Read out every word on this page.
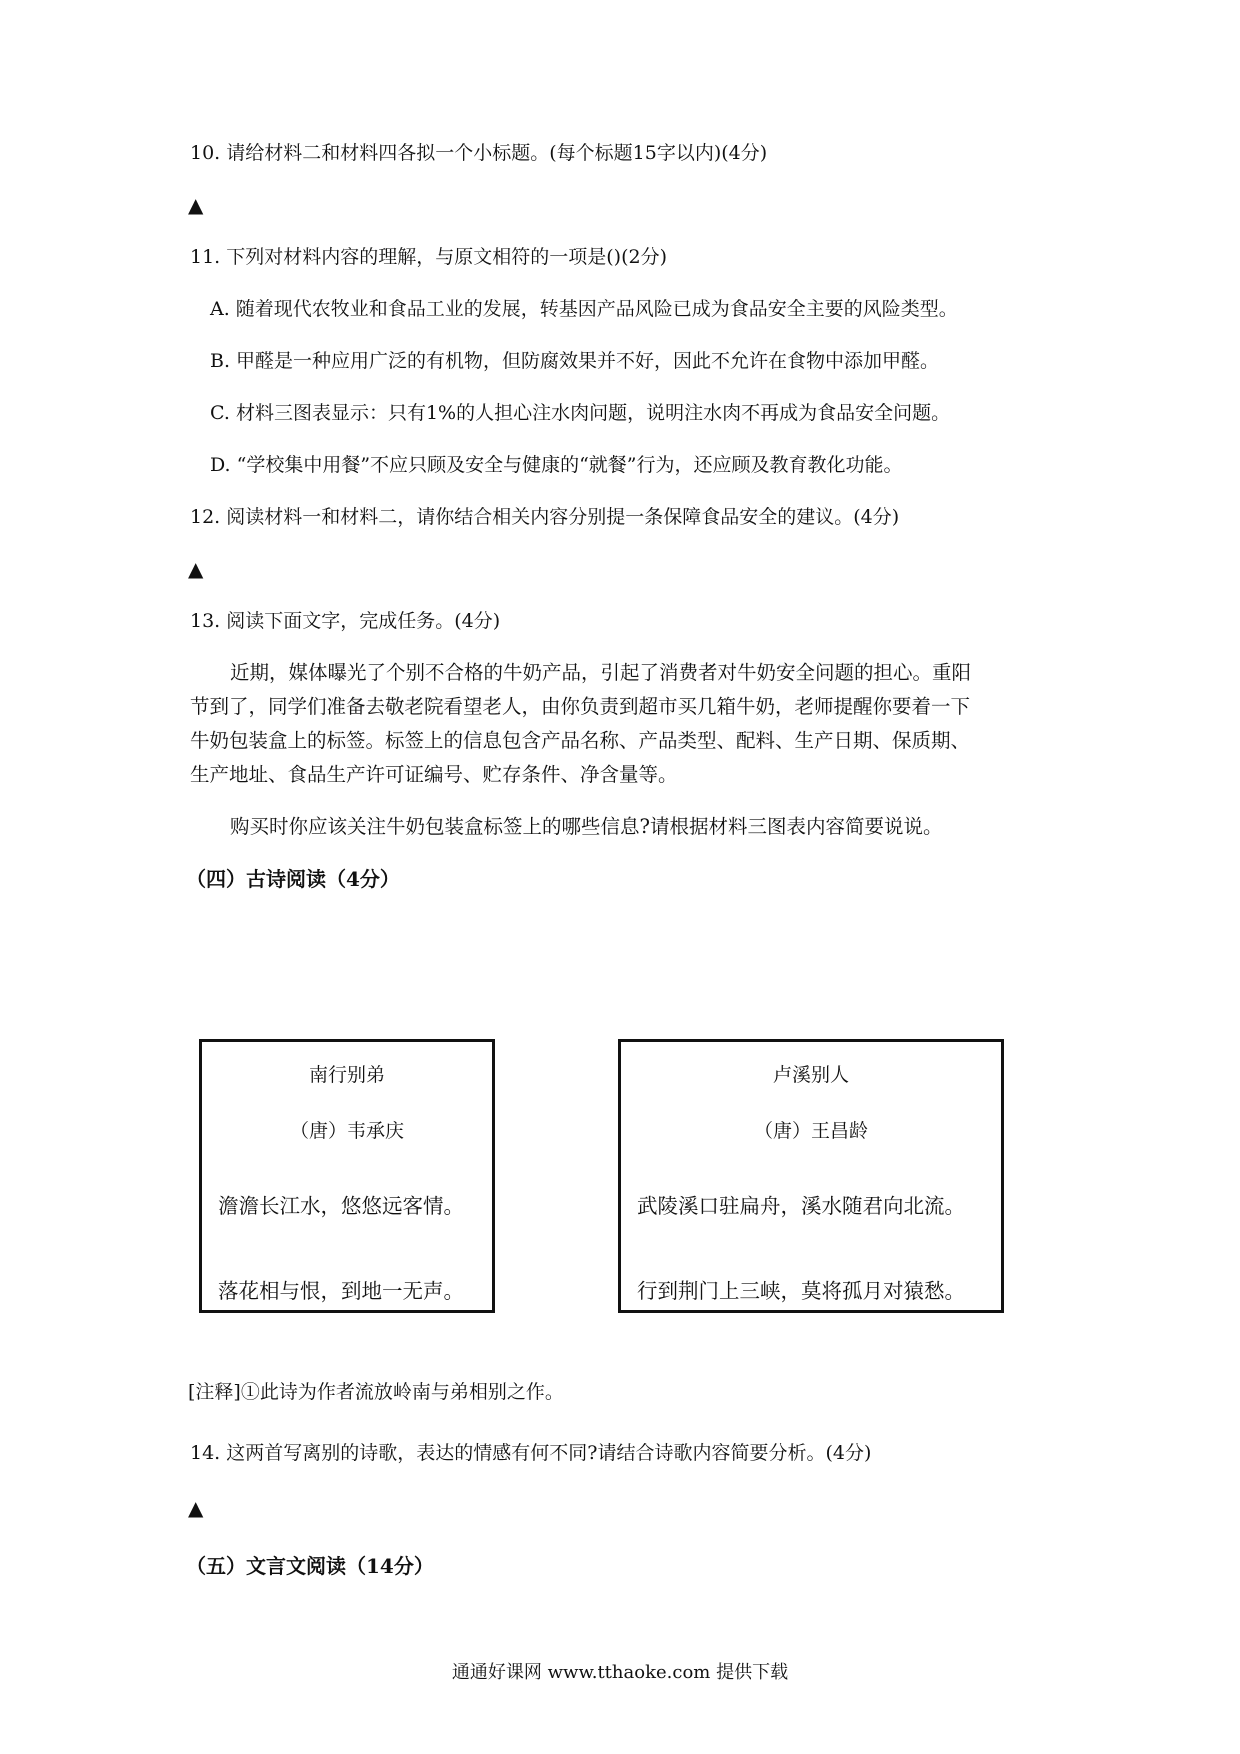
10. 请给材料二和材料四各拟一个小标题。(每个标题15字以内)(4分)
▲
11. 下列对材料内容的理解，与原文相符的一项是()(2分)
A. 随着现代农牧业和食品工业的发展，转基因产品风险已成为食品安全主要的风险类型。
B. 甲醛是一种应用广泛的有机物，但防腐效果并不好，因此不允许在食物中添加甲醛。
C. 材料三图表显示：只有1%的人担心注水肉问题，说明注水肉不再成为食品安全问题。
D. “学校集中用餐”不应只顾及安全与健康的“就餐”行为，还应顾及教育教化功能。
12. 阅读材料一和材料二，请你结合相关内容分别提一条保障食品安全的建议。(4分)
▲
13. 阅读下面文字，完成任务。(4分)
近期，媒体曝光了个别不合格的牛奶产品，引起了消费者对牛奶安全问题的担心。重阳
节到了，同学们准备去敬老院看望老人，由你负责到超市买几箱牛奶，老师提醒你要着一下
牛奶包装盒上的标签。标签上的信息包含产品名称、产品类型、配料、生产日期、保质期、
生产地址、食品生产许可证编号、贮存条件、净含量等。
购买时你应该关注牛奶包装盒标签上的哪些信息?请根据材料三图表内容简要说说。
（四）古诗阅读（4分）
南行别弟
（唐）韦承庆
澹澹长江水，悠悠远客情。
落花相与恨，到地一无声。
卢溪别人
（唐）王昌龄
武陵溪口驻扁舟，溪水随君向北流。
行到荆门上三峡，莫将孤月对猿愁。
[注释]①此诗为作者流放岭南与弟相别之作。
14. 这两首写离别的诗歌，表达的情感有何不同?请结合诗歌内容简要分析。(4分)
▲
（五）文言文阅读（14分）
通通好课网 www.tthaoke.com 提供下载
